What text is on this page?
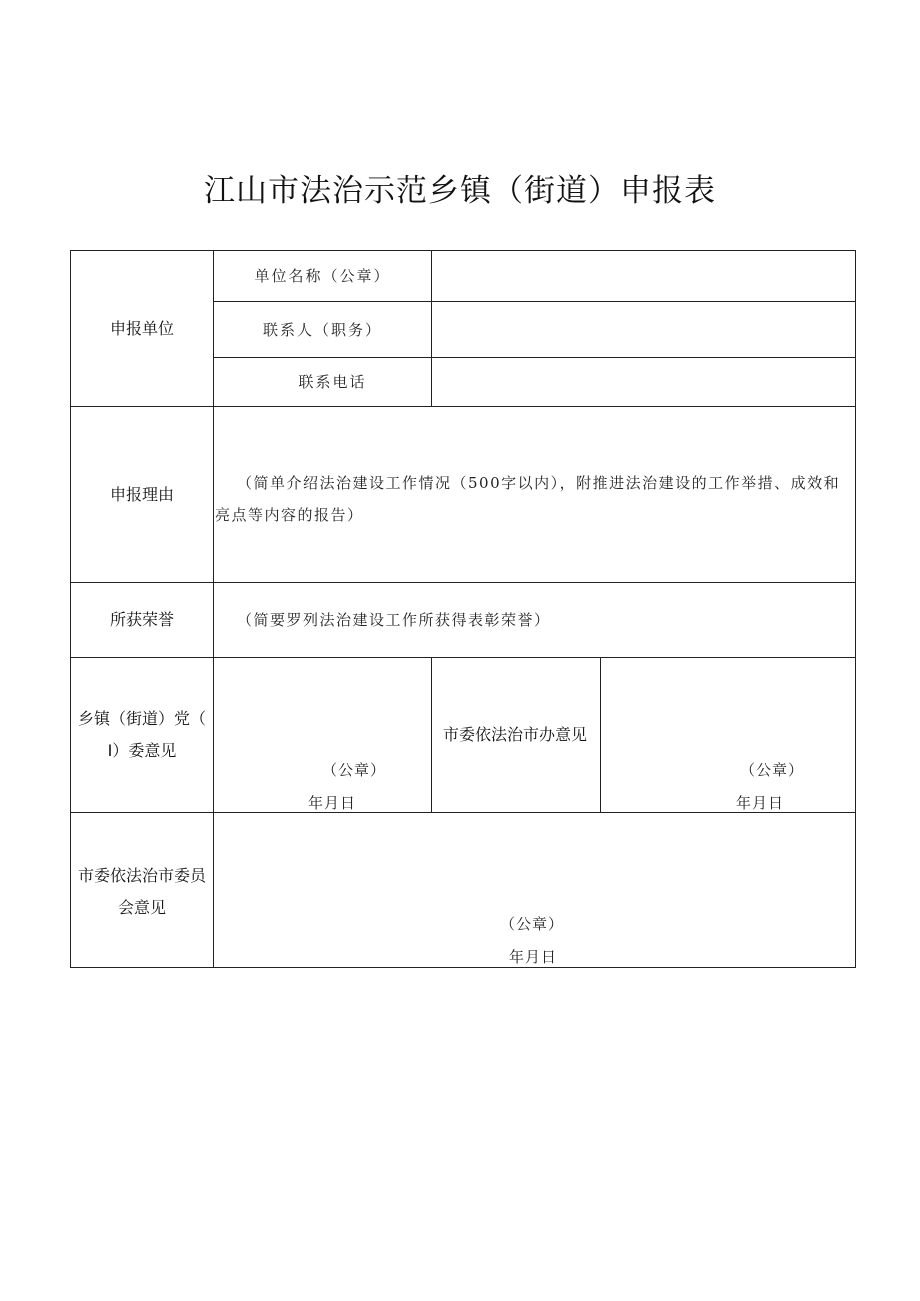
江山市法治示范乡镇（街道）申报表
申报单位
单位名称（公章）
联系人（职务）
联系电话
申报理由
（简单介绍法治建设工作情况（500字以内），附推进法治建设的工作举措、成效和亮点等内容的报告）
所获荣誉	（简要罗列法治建设工作所获得表彰荣誉）
乡镇（街道）党（
I）委意见
（公章）
年月日
市委依法治市办意见
（公章）
年月日
市委依法治市委员会意见
（公章）
年月日
